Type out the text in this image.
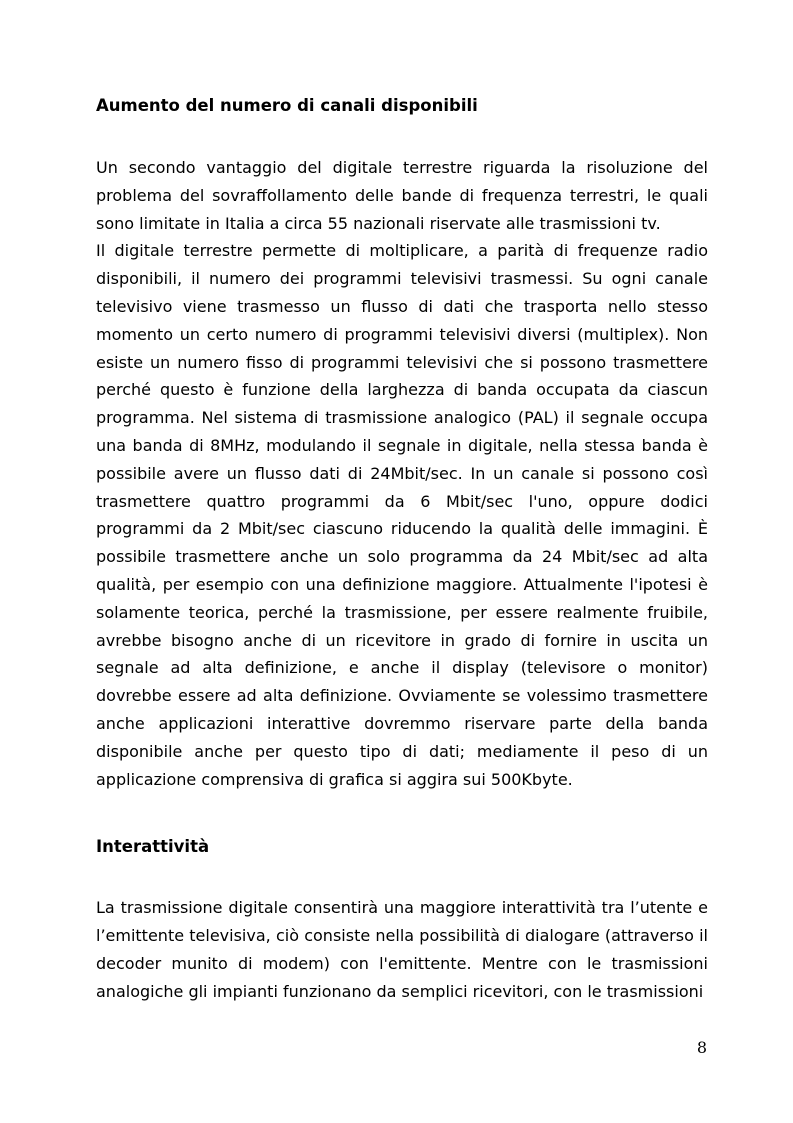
Aumento del numero di canali disponibili

Un secondo vantaggio del digitale terrestre riguarda la risoluzione del problema del sovraffollamento delle bande di frequenza terrestri, le quali sono limitate in Italia a circa 55 nazionali riservate alle trasmissioni tv.

Il digitale terrestre permette di moltiplicare, a parità di frequenze radio disponibili, il numero dei programmi televisivi trasmessi. Su ogni canale televisivo viene trasmesso un flusso di dati che trasporta nello stesso momento un certo numero di programmi televisivi diversi (multiplex). Non esiste un numero fisso di programmi televisivi che si possono trasmettere perché questo è funzione della larghezza di banda occupata da ciascun programma. Nel sistema di trasmissione analogico (PAL) il segnale occupa una banda di 8MHz, modulando il segnale in digitale, nella stessa banda è possibile avere un flusso dati di 24Mbit/sec. In un canale si possono così trasmettere quattro programmi da 6 Mbit/sec l'uno, oppure dodici programmi da 2 Mbit/sec ciascuno riducendo la qualità delle immagini. È possibile trasmettere anche un solo programma da 24 Mbit/sec ad alta qualità, per esempio con una definizione maggiore. Attualmente l'ipotesi è solamente teorica, perché la trasmissione, per essere realmente fruibile, avrebbe bisogno anche di un ricevitore in grado di fornire in uscita un segnale ad alta definizione, e anche il display (televisore o monitor) dovrebbe essere ad alta definizione. Ovviamente se volessimo trasmettere anche applicazioni interattive dovremmo riservare parte della banda disponibile anche per questo tipo di dati; mediamente il peso di un applicazione comprensiva di grafica si aggira sui 500Kbyte.

Interattività

La trasmissione digitale consentirà una maggiore interattività tra l’utente e l’emittente televisiva, ciò consiste nella possibilità di dialogare (attraverso il decoder munito di modem) con l'emittente. Mentre con le trasmissioni analogiche gli impianti funzionano da semplici ricevitori, con le trasmissioni

8
